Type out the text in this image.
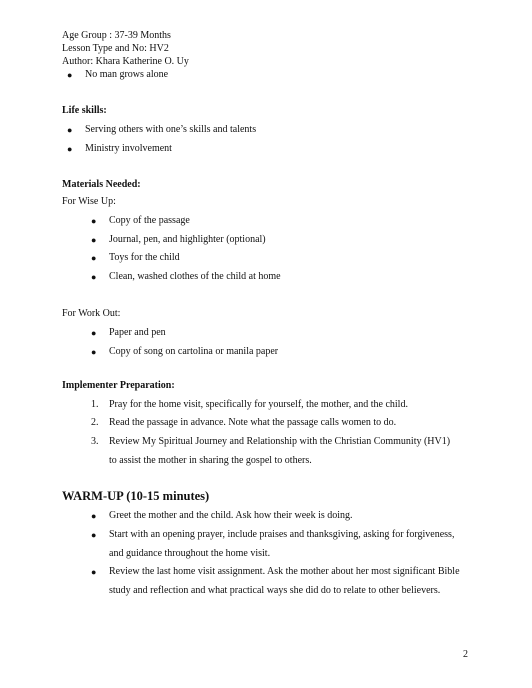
Age Group : 37-39 Months
Lesson Type and No: HV2
Author: Khara Katherine O. Uy
● No man grows alone
Life skills:
● Serving others with one’s skills and talents
● Ministry involvement
Materials Needed:
For Wise Up:
● Copy of the passage
● Journal, pen, and highlighter (optional)
● Toys for the child
● Clean, washed clothes of the child at home
For Work Out:
● Paper and pen
● Copy of song on cartolina or manila paper
Implementer Preparation:
1. Pray for the home visit, specifically for yourself, the mother, and the child.
2. Read the passage in advance. Note what the passage calls women to do.
3. Review My Spiritual Journey and Relationship with the Christian Community (HV1)
to assist the mother in sharing the gospel to others.
WARM-UP (10-15 minutes)
● Greet the mother and the child. Ask how their week is doing.
● Start with an opening prayer, include praises and thanksgiving, asking for forgiveness,
and guidance throughout the home visit.
● Review the last home visit assignment. Ask the mother about her most significant Bible
study and reflection and what practical ways she did do to relate to other believers.
2
